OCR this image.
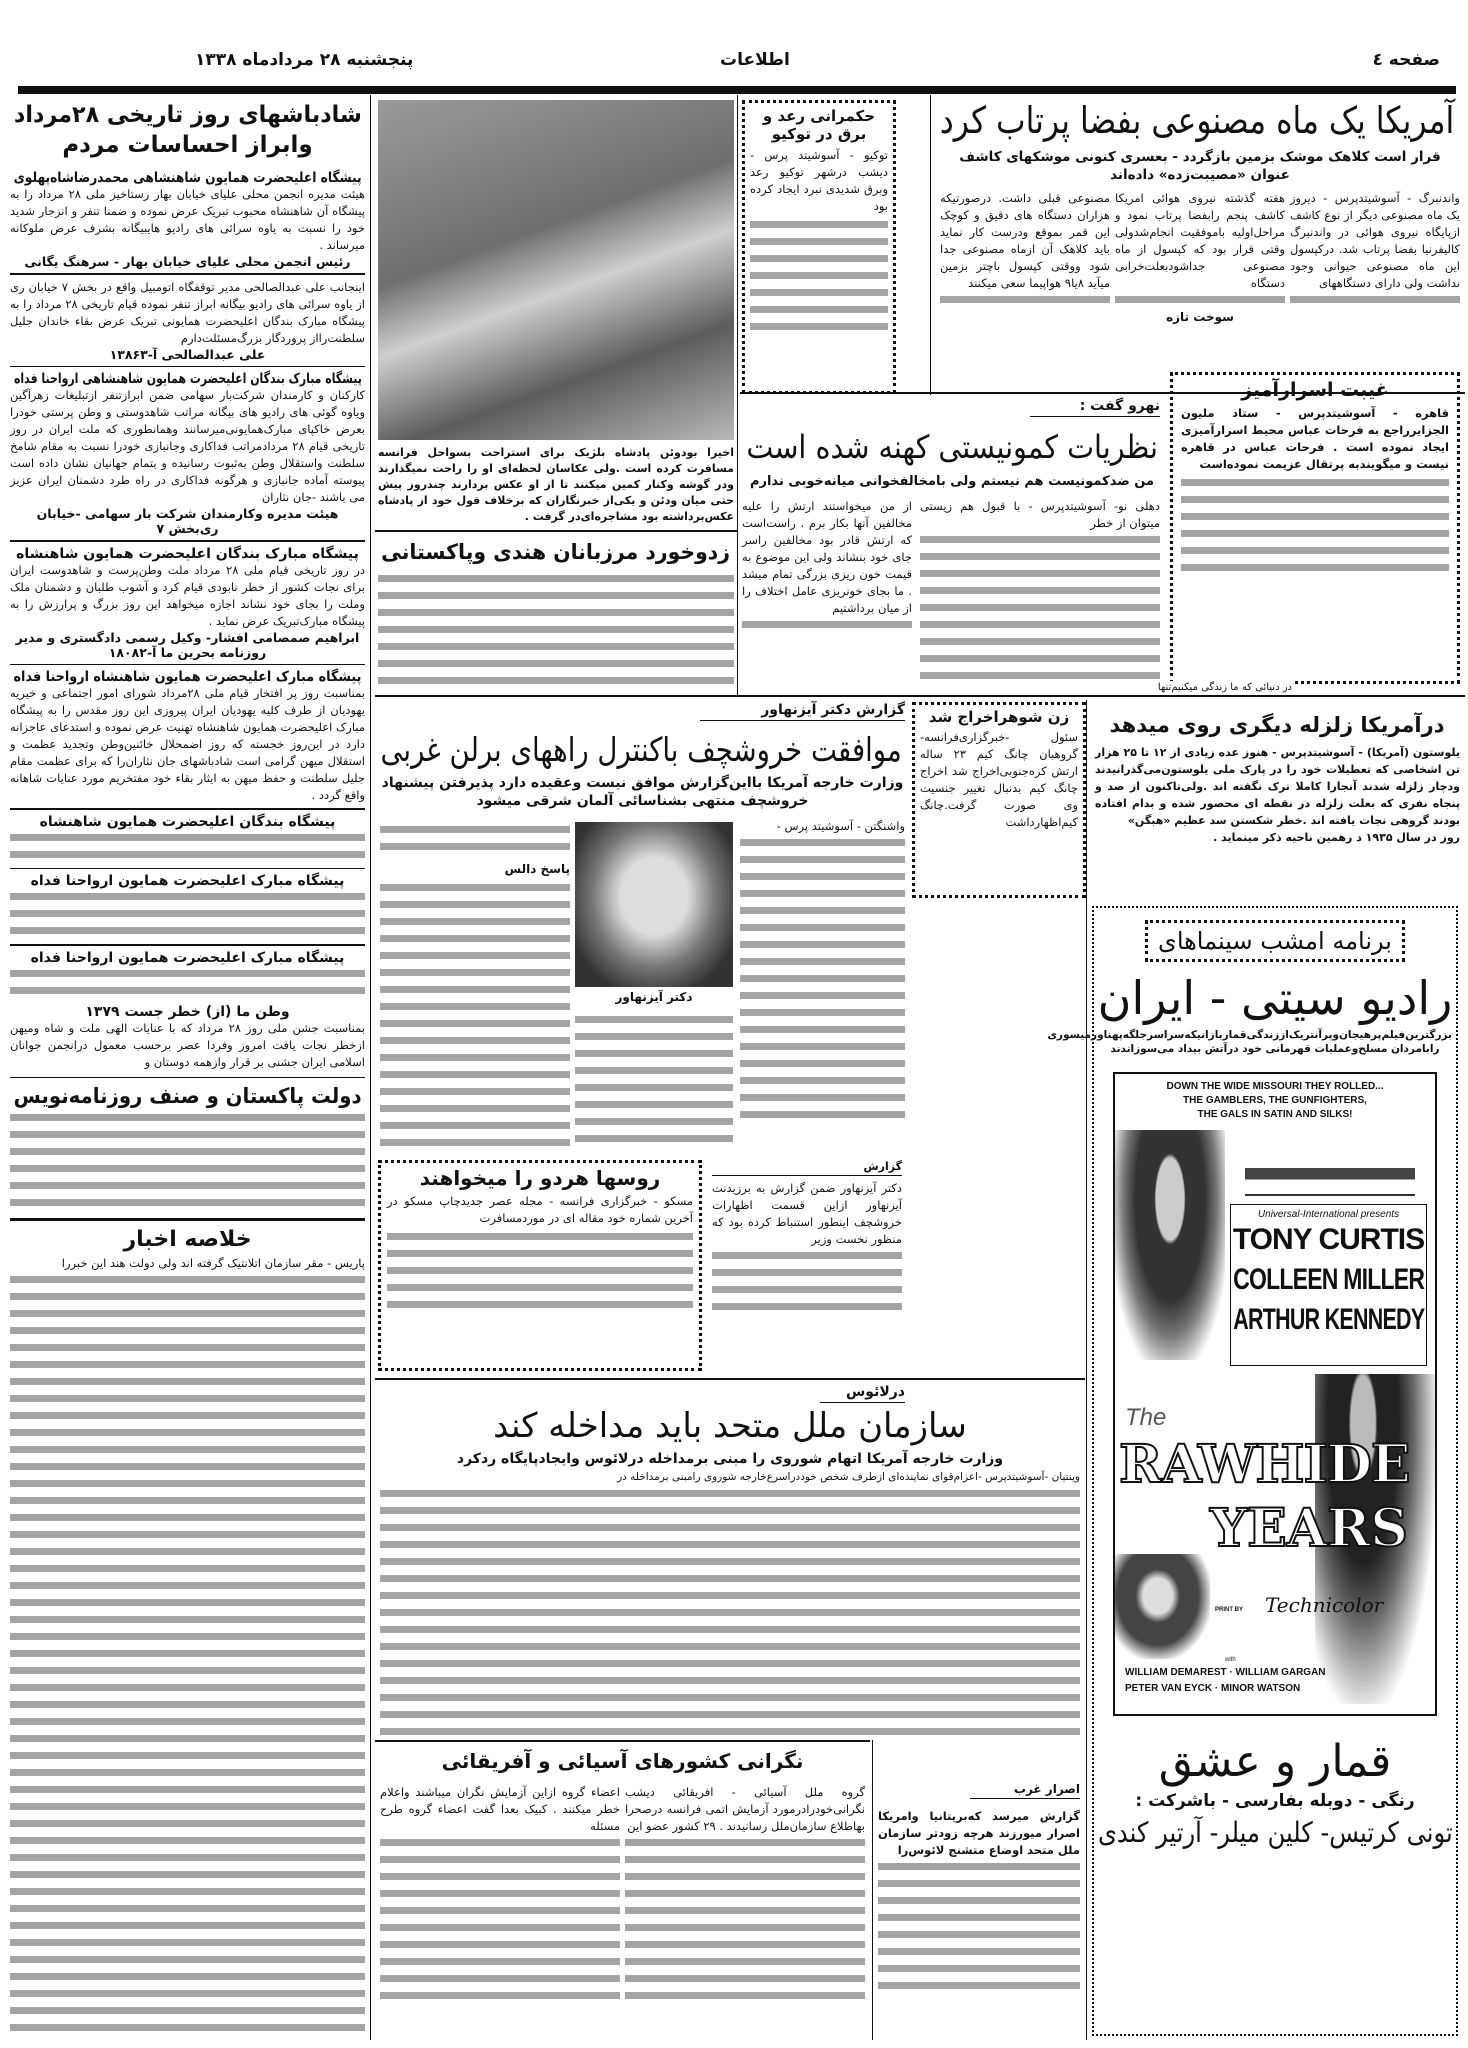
صفحه ٤
اطلاعات
پنجشنبه ۲۸ مردادماه ۱۳۳۸
شادباشهای روز تاریخی ۲۸مرداد
وابراز احساسات مردم
پیشگاه اعلیحضرت همایون شاهنشاهی محمدرضاشاه‌پهلوی
هیئت مدیره انجمن محلی علیای خیابان بهار رستاخیز ملی ۲۸ مرداد را به پیشگاه آن شاهنشاه محبوب تبریک عرض نموده و ضمنا تنفر و انزجار شدید خود را نسبت به یاوه سرائی های رادیو هایبیگانه بشرف عرض ملوکانه میرساند .
رئیس انجمن محلی علیای خیابان بهار - سرهنگ یگانی
اینجانب علی عبدالصالحی مدیر توقفگاه اتومبیل واقع در بخش ۷ خیابان ری از یاوه سرائی های رادیو بیگانه ابراز تنفر نموده قیام تاریخی ۲۸ مرداد را به پیشگاه مبارک بندگان اعلیحضرت همایونی تبریک عرض بقاء خاندان جلیل سلطنت‌رااز پروردگار بزرگ‌مسئلت‌دارم
علی عبدالصالحی آ-۱۳۸۶۳
پیشگاه مبارک بندگان اعلیحضرت همایون شاهنشاهی ارواحنا فداه
کارکنان و کارمندان شرکت‌بار سهامی ضمن ابرازتنفر ازتبلیغات زهرآگین ویاوه گوئی های رادیو های بیگانه مراتب شاهدوستی و وطن پرستی خودرا بعرض خاکپای مبارک‌همایونی‌میرسانند وهمانطوری که ملت ایران در روز تاریخی قیام ۲۸ مردادمراتب فداکاری وجانبازی خودرا نسبت به مقام شامخ سلطنت واستقلال وطن به‌ثبوت رسانیده و بتمام جهانیان نشان داده است پیوسته آماده جانبازی و هرگونه فداکاری در راه طرد دشمنان ایران عزیز می باشند -جان نثاران
هیئت مدیره وکارمندان شرکت بار سهامی -خیابان ری‌بخش ۷
پیشگاه مبارک بندگان اعلیحضرت همایون شاهنشاه
در روز تاریخی قیام ملی ۲۸ مرداد ملت وطن‌پرست و شاهدوست ایران برای نجات کشور از خطر نابودی قیام کرد و آشوب طلبان و دشمنان ملک وملت را بجای خود نشاند اجازه میخواهد این روز بزرگ و پرارزش را به پیشگاه مبارک‌تبریک عرض نماید .
ابراهیم صمصامی افشار- وکیل رسمی دادگستری و مدیر روزنامه بحرین ما آ-۱۸۰۸۲
پیشگاه مبارک اعلیحضرت همایون شاهنشاه ارواحنا فداه
بمناسبت روز پر افتخار قیام ملی ۲۸مرداد شورای امور اجتماعی و خیریه یهودیان از طرف کلیه یهودیان ایران پیروزی این روز مقدس را به پیشگاه مبارک اعلیحضرت همایون شاهنشاه تهنیت عرض نموده و استدعای عاجزانه دارد در این‌روز خجسته که روز اضمحلال خائنین‌وطن وتجدید عظمت و استقلال میهن گرامی است شادباشهای جان نثاران‌را که برای عظمت مقام جلیل سلطنت و حفظ میهن به ایثار بقاء خود مفتخریم مورد عنایات شاهانه واقع گردد .
پیشگاه بندگان اعلیحضرت همایون شاهنشاه
پیشگاه مبارک اعلیحضرت همایون ارواحنا فداه
پیشگاه مبارک اعلیحضرت همایون ارواحنا فداه
وطن ما (از) خطر جست ۱۳۷۹
بمناسبت جشن ملی روز ۲۸ مرداد که با عنایات الهی ملت و شاه ومیهن ازخطر نجات یافت امروز وفردا عصر برحسب معمول درانجمن جوانان اسلامی ایران جشنی بر قرار وازهمه دوستان و
دولت پاکستان و صنف روزنامه‌نویس
خلاصه اخبار
پاریس - مقر سازمان اتلانتیک گرفته اند ولی دولت هند این خبررا
اخیرا بودوئن پادشاه بلژیک برای استراحت بسواحل فرانسه مسافرت کرده است .ولی عکاسان لحظه‌ای او را راحت نمیگذارند ودر گوشه وکنار کمین میکنند تا از او عکس بردارند چندروز پیش حتی میان ودئن و یکی‌از خبرنگاران که برخلاف قول خود از پادشاه عکس‌برداشته بود مشاجره‌ای‌در گرفت .
زدوخورد مرزبانان هندی وپاکستانی
حکمرانی رعد و برق در توکیو
توکیو - آسوشیتد پرس - دیشب درشهر توکیو رعد وبرق شدیدی نبرد ایجاد کرده بود
آمریکا یک ماه مصنوعی بفضا پرتاب کرد
قرار است کلاهک موشک بزمین بازگردد - بعسری کنونی موشکهای کاشف عنوان «مصیبت‌زده» داده‌اند
واندنبرگ - آسوشیتدپرس - دیروز یک ماه مصنوعی دیگر از نوع کاشف ازپایگاه نیروی هوائی در واندنبرگ کالیفرنیا بفضا پرتاب شد. درکپسول این ماه مصنوعی حیوانی وجود نداشت ولی دارای دستگاههای
هفته گذشته نیروی هوائی امریکا کاشف پنجم رابفضا پرتاب نمود و مراحل‌اولیه باموفقیت انجام‌شدولی وقتی قرار بود که کپسول از ماه مصنوعی جداشودبعلت‌خرابی دستگاه
سوخت تازه
مصنوعی قبلی داشت. درصورتیکه هزاران دستگاه های دقیق و کوچک این قمر بموقع ودرست کار نماید باید کلاهک آن ازماه مصنوعی جدا شود ووقتی کپسول باچتر بزمین میآید ۸یا۹ هواپیما سعی میکنند
نهرو گفت :
نظریات کمونیستی کهنه شده است
من ضدکمونیست هم نیستم ولی بامخالفخوانی میانه‌خوبی ندارم
دهلی نو- آسوشیتدپرس - با قبول هم زیستی میتوان از خطر
از من میخواستند ارتش را علیه مخالفین آنها بکار برم . راست‌است که ارتش قادر بود مخالفین راسر جای خود بنشاند ولی این موضوع به قیمت خون ریزی بزرگی تمام میشد . ما بجای خونریزی عامل اختلاف را از میان برداشتیم
غیبت اسرارآمیز
قاهره - آسوشیتدپرس - ستاد ملیون الجزایرراجع به فرحات عباس محیط اسرارآمیزی ایجاد نموده است . فرحات عباس در قاهره نیست و میگویندبه پرتقال عزیمت نموده‌است
زن شوهراخراج شد
سئول -خبرگزاری‌فرانسه- گروهبان چانگ کیم ۲۳ ساله ارتش کره‌جنوبی‌اخراج شد اخراج چانگ کیم بدنبال تغییر جنسیت وی صورت گرفت.چانگ کیم‌اظهارداشت
در دنیائی که ما زندگی میکنیم‌تنها
درآمریکا زلزله دیگری روی میدهد
یلوستون (آمریکا) - آسوشیتدپرس - هنوز عده زیادی از ۱۲ تا ۲۵ هزار تن اشخاصی که تعطیلات خود را در پارک ملی یلوستون‌می‌گذرانیدند ودچار زلزله شدند آنجارا کاملا ترک نگفته اند .ولی‌تاکنون از صد و پنجاه نفری که بعلت زلزله در نقطه ای محصور شده و بدام افتاده بودند گروهی نجات یافته اند .خطر شکستن سد عظیم «هبگن»
روز در سال ۱۹۳۵ د رهمین ناحیه ذکر مینماید .
گزارش دکتر آیزنهاور
موافقت خروشچف باکنترل راههای برلن غربی
وزارت خارجه آمریکا بااین‌گزارش موافق نیست وعقیده دارد پذیرفتن پیشنهاد خروشچف منتهی بشناسائی آلمان شرقی میشود
واشنگتن - آسوشیتد پرس -
دکتر آیزنهاور
پاسخ دالس
روسها هردو را میخواهند
مسکو - خبرگزاری فرانسه - مجله عصر جدیدچاپ مسکو در آخرین شماره خود مقاله ای در موردمسافرت
گزارش
دکتر آیزنهاور ضمن گزارش به برزیدنت آیزنهاور ازاین قسمت اظهارات خروشچف اینطور استنباط کرده بود که منظور نخست وزیر
درلائوس
سازمان ملل متحد باید مداخله کند
وزارت خارجه آمریکا اتهام شوروی را مبنی برمداخله درلائوس وایجادپایگاه ردکرد
وینتیان -آسوشیتدپرس -اعزام‌قوای نماینده‌ای ازطرف شخص خوددراسرع‌خارجه شوروی رامبنی برمداخله در
نگرانی کشورهای آسیائی و آفریقائی
گروه ملل آسیائی - افریقائی دیشب نگرانی‌خودرادرمورد آزمایش اتمی فرانسه درصحرا بهاطلاع سازمان‌ملل رسانیدند . ۲۹ کشور عضو این
اعضاء گروه ازاین آزمایش نگران میباشند واعلام خطر میکنند . کبیک بعدا گفت اعضاء گروه طرح مسئله
اصرار غرب
گزارش میرسد که‌بریتانیا وامریکا اصرار میورزند هرچه زودتر سازمان ملل متحد اوضاع متشنج لائوس‌را
برنامه امشب سینماهای
رادیو سیتی - ایران
بزرگترین‌فیلم‌پرهیجان‌وپرآنتریک‌اززندگی‌قماربازانیکه‌سراسرجلگه‌پهناورمیسوری رابامردان مسلح‌وعملیات قهرمانی خود درآتش بیداد می‌سوزاندند
DOWN THE WIDE MISSOURI THEY ROLLED...
THE GAMBLERS, THE GUNFIGHTERS,
THE GALS IN SATIN AND SILKS!
Universal-International presents
TONY CURTIS
COLLEEN MILLER
ARTHUR KENNEDY
The
RAWHIDE
YEARS
PRINT BY Technicolor
with
WILLIAM DEMAREST · WILLIAM GARGAN
PETER VAN EYCK · MINOR WATSON
قمار و عشق
رنگی - دوبله بفارسی - باشرکت :
تونی کرتیس- کلین میلر- آرتیر کندی
